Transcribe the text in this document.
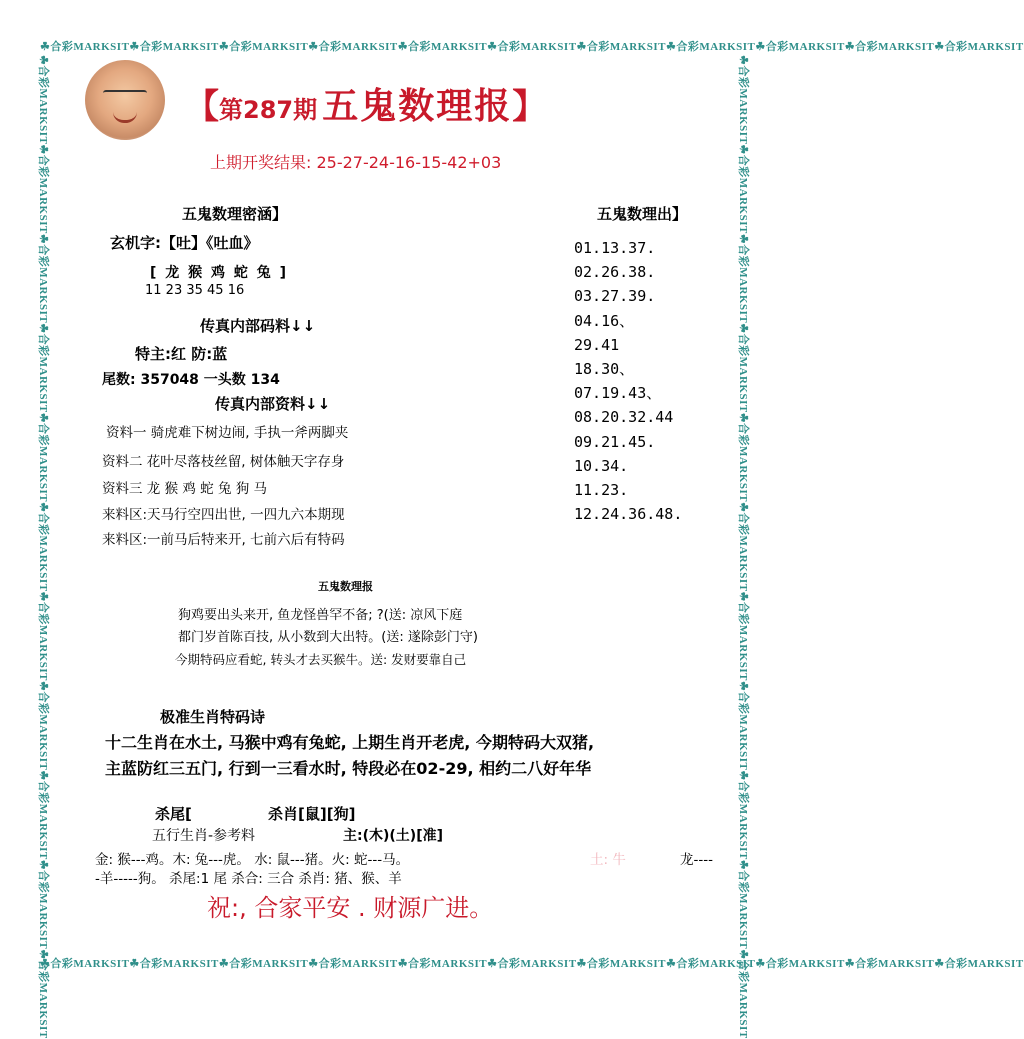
☘合彩MARKSIT☘合彩MARKSIT☘合彩MARKSIT☘合彩MARKSIT☘合彩MARKSIT☘合彩MARKSIT☘合彩MARKSIT☘合彩MARKSIT☘合彩MARKSIT☘合彩MARKSIT☘合彩MARKSIT
☘合彩MARKSIT☘合彩MARKSIT☘合彩MARKSIT☘合彩MARKSIT☘合彩MARKSIT☘合彩MARKSIT☘合彩MARKSIT☘合彩MARKSIT☘合彩MARKSIT☘合彩MARKSIT☘合彩MARKSIT
☘合彩MARKSIT☘合彩MARKSIT☘合彩MARKSIT☘合彩MARKSIT☘合彩MARKSIT☘合彩MARKSIT☘合彩MARKSIT☘合彩MARKSIT☘合彩MARKSIT☘合彩MARKSIT☘合彩MARKSIT	☘合彩MARKSIT☘合彩MARKSIT☘合彩MARKSIT☘合彩MARKSIT☘合彩MARKSIT☘合彩MARKSIT☘合彩MARKSIT☘合彩MARKSIT☘合彩MARKSIT☘合彩MARKSIT☘合彩MARKSIT
【第287期 五鬼数理报】
上期开奖结果: 25-27-24-16-15-42+03
五鬼数理密涵】
玄机字:【吐】《吐血》
[ 龙 猴 鸡 蛇 兔 ]
11 23 35 45 16
传真内部码料↓↓
特主:红 防:蓝
尾数: 357048 一头数 134
传真内部资料↓↓
资料一 骑虎难下树边闹, 手执一斧两脚夹
资料二 花叶尽落枝丝留, 树体触天字存身
资料三 龙 猴 鸡 蛇 兔 狗 马
来料区:天马行空四出世, 一四九六本期现
来料区:一前马后特来开, 七前六后有特码
五鬼数理出】
01.13.37.
02.26.38.
03.27.39.
04.16、
29.41
18.30、
07.19.43、
08.20.32.44
09.21.45.
10.34.
11.23.
12.24.36.48.
五鬼数理报
狗鸡要出头来开, 鱼龙怪兽罕不备; ?(送: 凉风下庭
都门岁首陈百技, 从小数到大出特。(送: 遂除彭门守)
今期特码应看蛇, 转头才去买猴牛。送: 发财要靠自己
极准生肖特码诗
十二生肖在水土, 马猴中鸡有兔蛇, 上期生肖开老虎, 今期特码大双猪,
主蓝防红三五门, 行到一三看水时, 特段必在02-29, 相约二八好年华
杀尾[	杀肖[鼠][狗]
五行生肖-参考料	主:(木)(土)[准]
金: 猴---鸡。木: 兔---虎。 水: 鼠---猪。火: 蛇---马。	土: 牛	龙----
-羊-----狗。 杀尾:1 尾 杀合: 三合 杀肖: 猪、猴、羊
祝:, 合家平安 . 财源广进。
